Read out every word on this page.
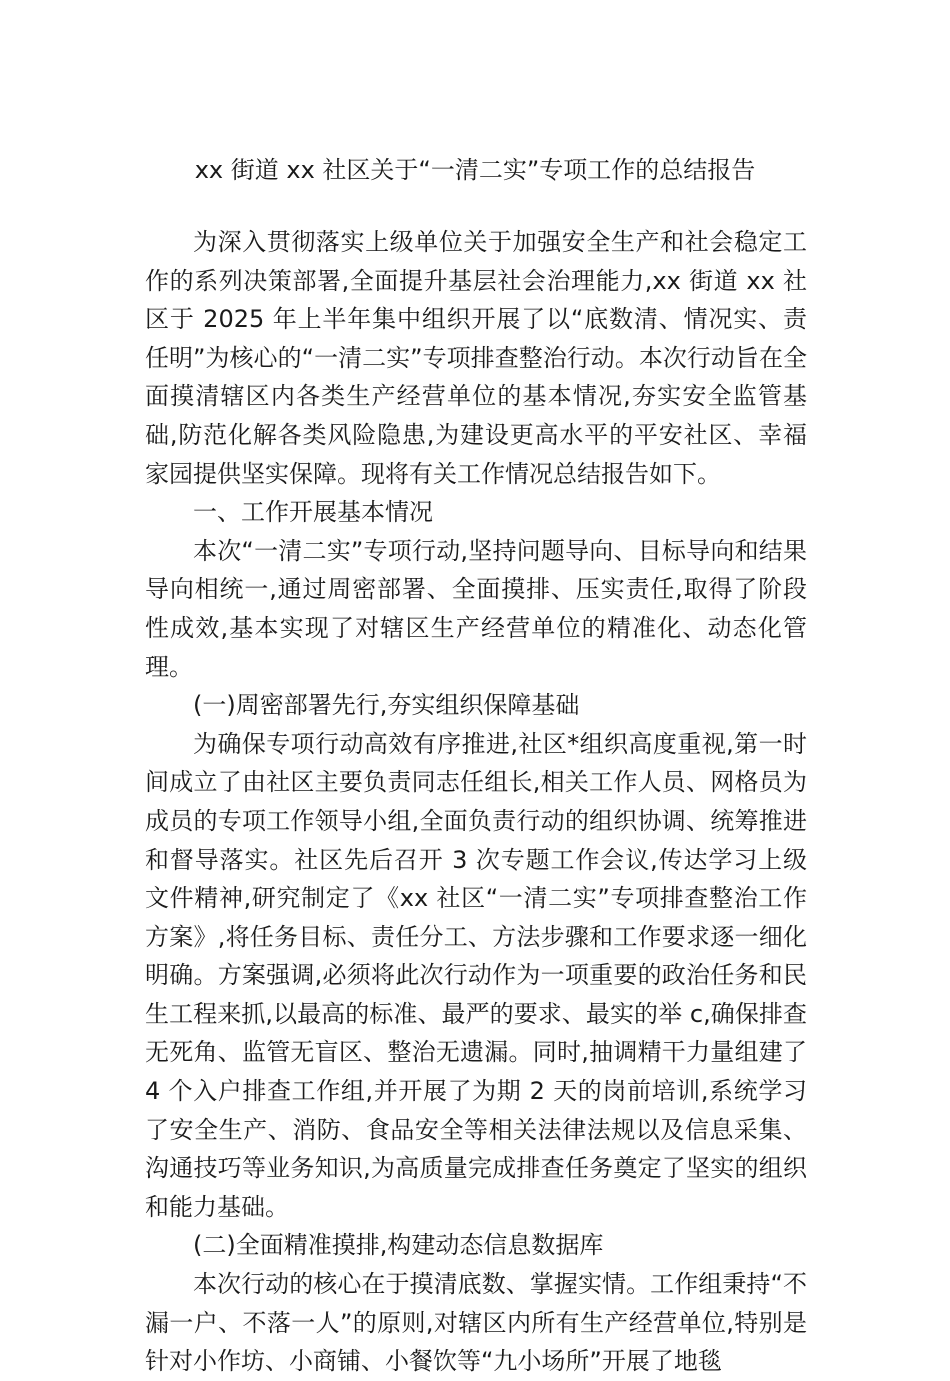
xx 街道 xx 社区关于“一清二实”专项工作的总结报告

为深入贯彻落实上级单位关于加强安全生产和社会稳定工作的系列决策部署,全面提升基层社会治理能力,xx 街道 xx 社区于 2025 年上半年集中组织开展了以“底数清、情况实、责任明”为核心的“一清二实”专项排查整治行动。本次行动旨在全面摸清辖区内各类生产经营单位的基本情况,夯实安全监管基础,防范化解各类风险隐患,为建设更高水平的平安社区、幸福家园提供坚实保障。现将有关工作情况总结报告如下。

一、工作开展基本情况

本次“一清二实”专项行动,坚持问题导向、目标导向和结果导向相统一,通过周密部署、全面摸排、压实责任,取得了阶段性成效,基本实现了对辖区生产经营单位的精准化、动态化管理。

(一)周密部署先行,夯实组织保障基础

为确保专项行动高效有序推进,社区*组织高度重视,第一时间成立了由社区主要负责同志任组长,相关工作人员、网格员为成员的专项工作领导小组,全面负责行动的组织协调、统筹推进和督导落实。社区先后召开 3 次专题工作会议,传达学习上级文件精神,研究制定了《xx 社区“一清二实”专项排查整治工作方案》,将任务目标、责任分工、方法步骤和工作要求逐一细化明确。方案强调,必须将此次行动作为一项重要的政治任务和民生工程来抓,以最高的标准、最严的要求、最实的举 c,确保排查无死角、监管无盲区、整治无遗漏。同时,抽调精干力量组建了 4 个入户排查工作组,并开展了为期 2 天的岗前培训,系统学习了安全生产、消防、食品安全等相关法律法规以及信息采集、沟通技巧等业务知识,为高质量完成排查任务奠定了坚实的组织和能力基础。

(二)全面精准摸排,构建动态信息数据库

本次行动的核心在于摸清底数、掌握实情。工作组秉持“不漏一户、不落一人”的原则,对辖区内所有生产经营单位,特别是针对小作坊、小商铺、小餐饮等“九小场所”开展了地毯
